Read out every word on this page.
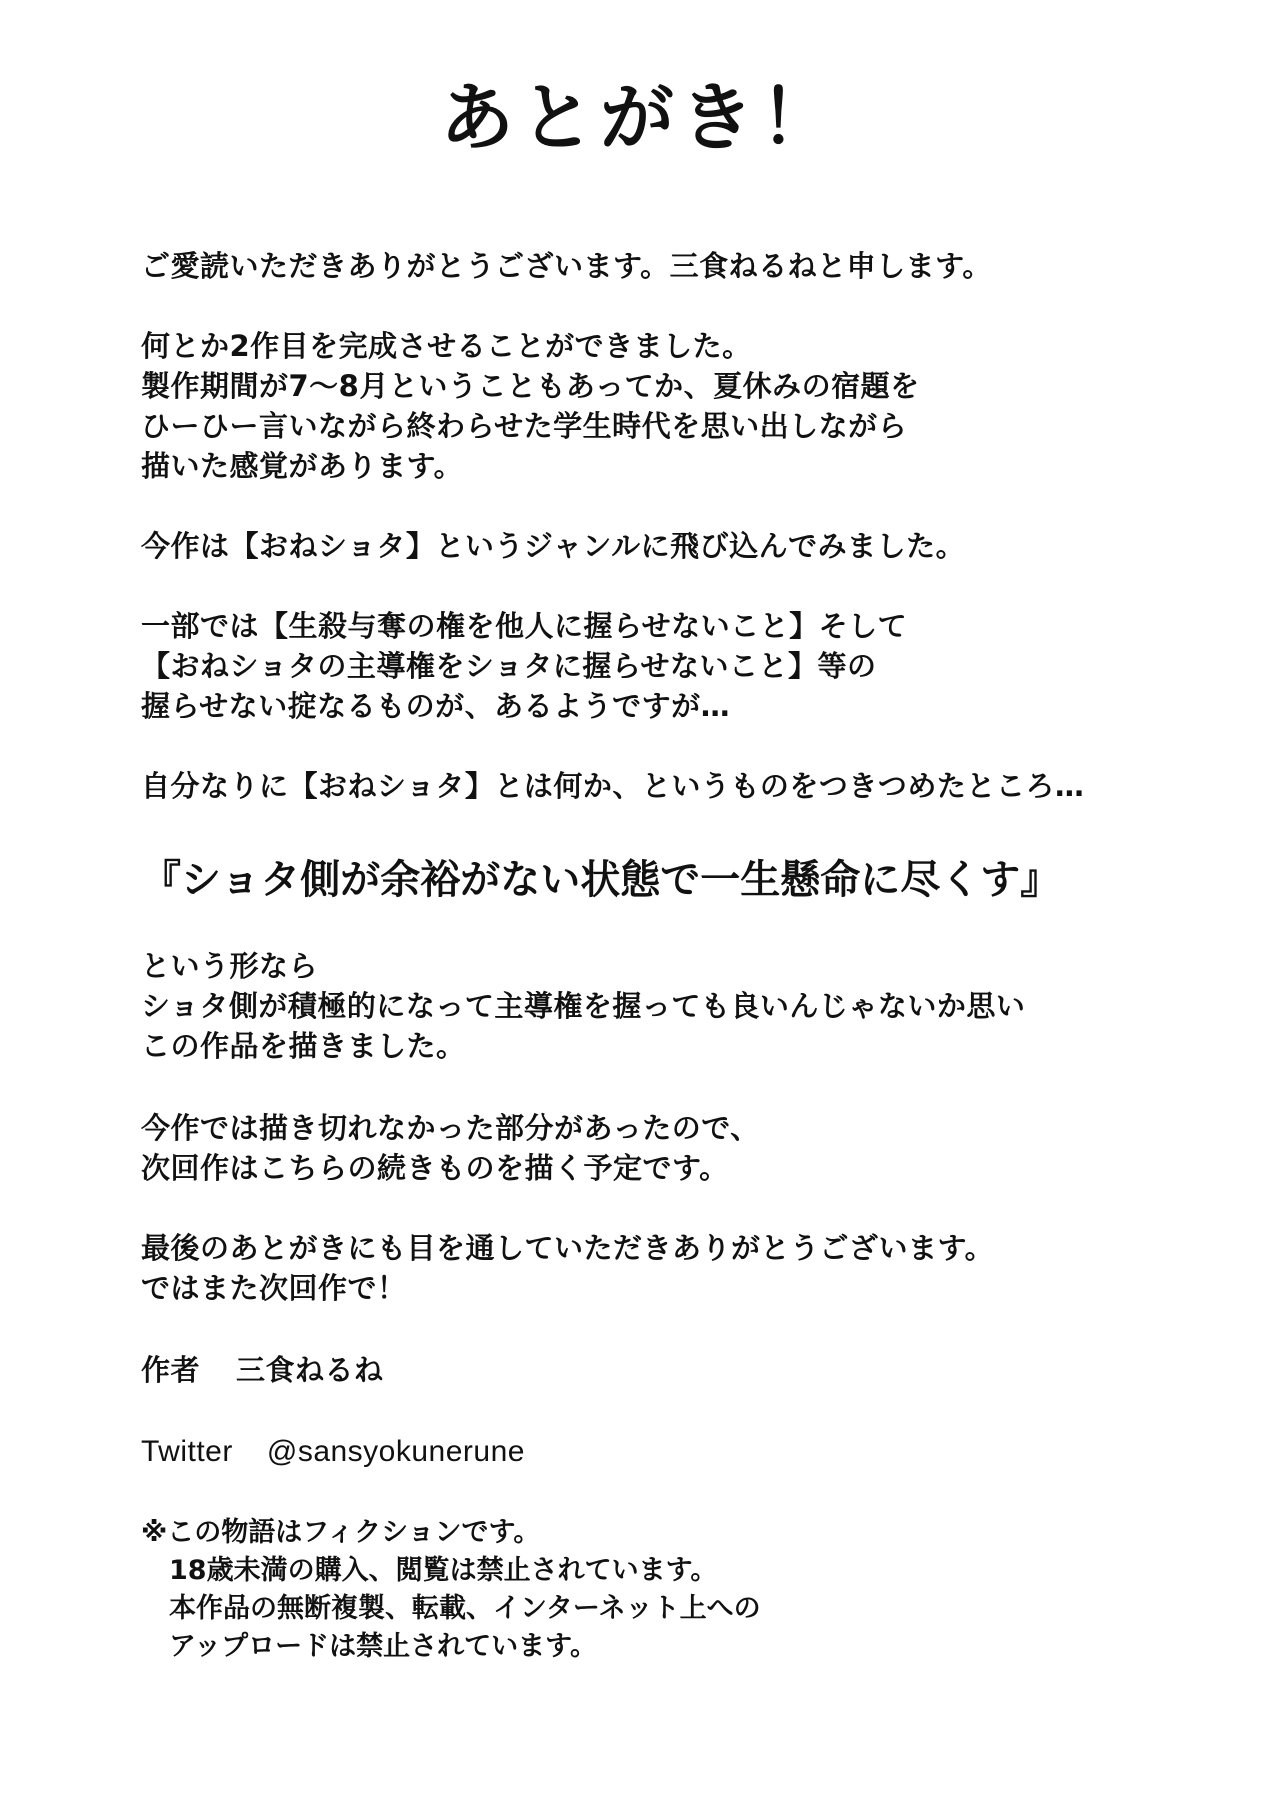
あとがき！
ご愛読いただきありがとうございます。三食ねるねと申します。
何とか2作目を完成させることができました。
製作期間が7〜8月ということもあってか、夏休みの宿題を
ひーひー言いながら終わらせた学生時代を思い出しながら
描いた感覚があります。
今作は【おねショタ】というジャンルに飛び込んでみました。
一部では【生殺与奪の権を他人に握らせないこと】そして
【おねショタの主導権をショタに握らせないこと】等の
握らせない掟なるものが、あるようですが…
自分なりに【おねショタ】とは何か、というものをつきつめたところ…
『ショタ側が余裕がない状態で一生懸命に尽くす』
という形なら
ショタ側が積極的になって主導権を握っても良いんじゃないか思い
この作品を描きました。
今作では描き切れなかった部分があったので、
次回作はこちらの続きものを描く予定です。
最後のあとがきにも目を通していただきありがとうございます。
ではまた次回作で！
作者 三食ねるね
Twitter @sansyokunerune
※この物語はフィクションです。
18歳未満の購入、閲覧は禁止されています。
本作品の無断複製、転載、インターネット上への
アップロードは禁止されています。
